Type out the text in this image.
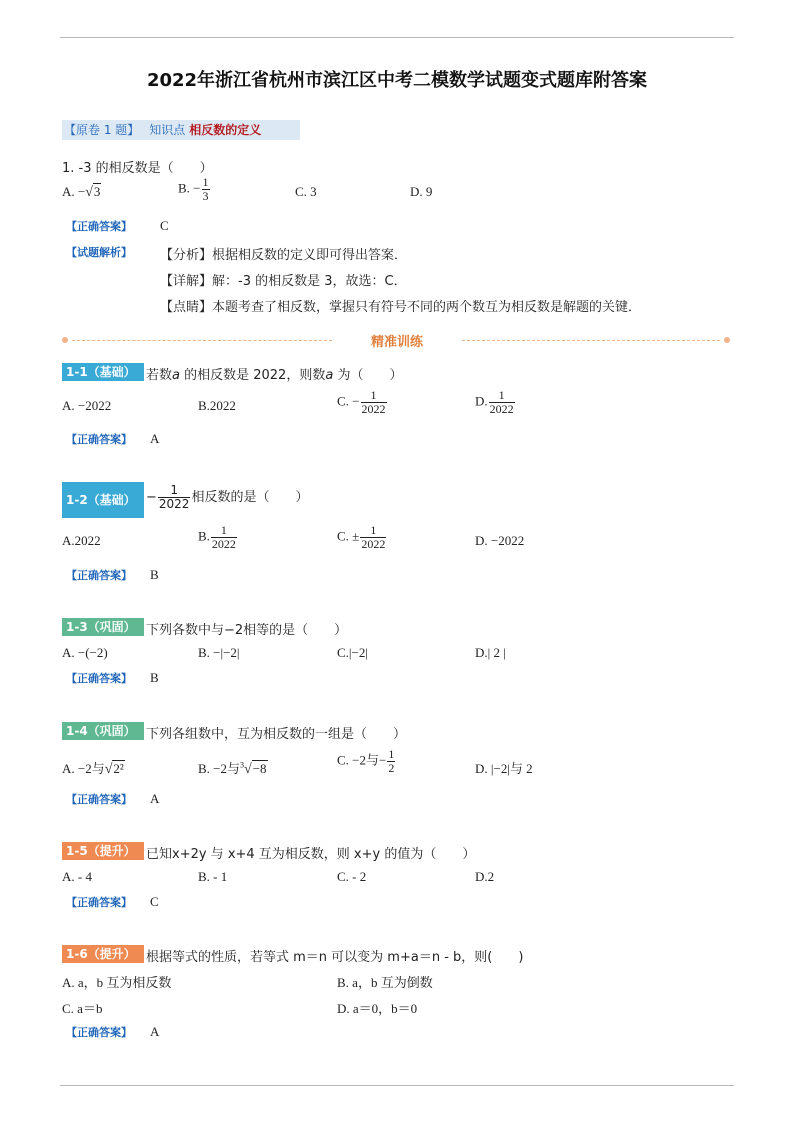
2022年浙江省杭州市滨江区中考二模数学试题变式题库附答案
【原卷 1 题】 知识点 相反数的定义
1. -3 的相反数是（　　）
A. −√3	B. − $\frac{1}{3}$	C. 3	D. 9
【正确答案】 C
【试题解析】 【分析】根据相反数的定义即可得出答案．
【详解】解：-3 的相反数是 3，故选：C．
【点睛】本题考查了相反数，掌握只有符号不同的两个数互为相反数是解题的关键．
精准训练
1-1（基础） 若数a 的相反数是 2022，则数a 为（　　）
A. −2022	B.2022	C. − $\frac{1}{2022}$	D. $\frac{1}{2022}$
【正确答案】 A
1-2（基础） − $\frac{1}{2022}$ 相反数的是（　　）
A.2022	B. $\frac{1}{2022}$	C. ± $\frac{1}{2022}$	D. −2022
【正确答案】 B
1-3（巩固） 下列各数中与−2相等的是（　　）
A. −(−2)	B. −|−2|	C.|−2|	D.| 2 |
【正确答案】 B
1-4（巩固） 下列各组数中，互为相反数的一组是（　　）
A. −2与√2²	B. −2与$^3$√−8
C. −2与− $\frac{1}{2}$	D. |−2|与 2
【正确答案】 A
1-5（提升） 已知x+2y 与 x+4 互为相反数，则 x+y 的值为（　　）
A. - 4	B. - 1	C. - 2	D.2
【正确答案】 C
1-6（提升） 根据等式的性质，若等式 m＝n 可以变为 m+a＝n - b，则(　　)
A. a，b 互为相反数	B. a，b 互为倒数
C. a＝b	D. a＝0，b＝0
【正确答案】 A
